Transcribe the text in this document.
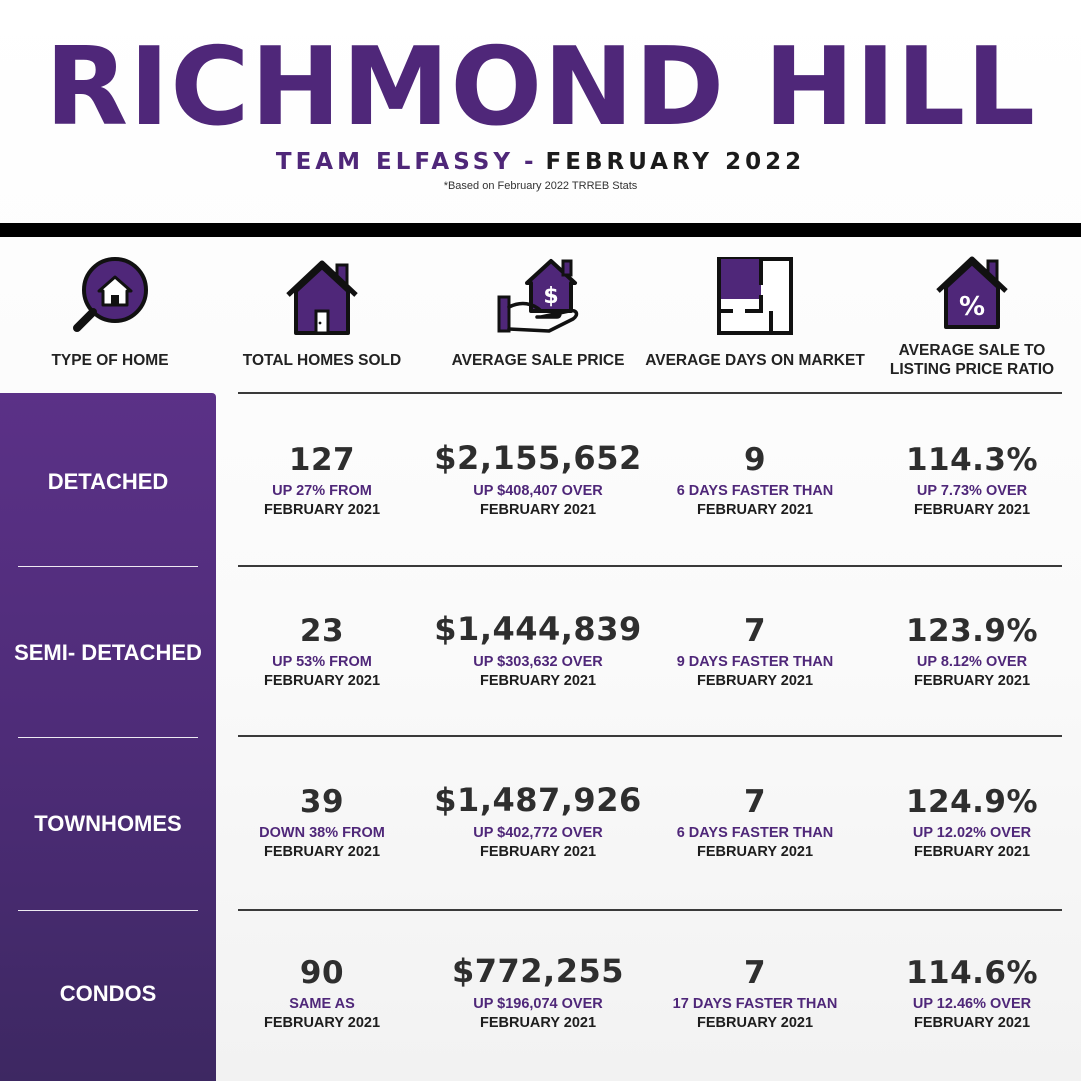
RICHMOND HILL
TEAM ELFASSY - FEBRUARY 2022
*Based on February 2022 TRREB Stats
TYPE OF HOME	TOTAL HOMES SOLD
$
AVERAGE SALE PRICE	AVERAGE DAYS ON MARKET
%
AVERAGE SALE TO
LISTING PRICE RATIO
DETACHED
SEMI- DETACHED
TOWNHOMES
CONDOS
127
UP 27% FROM
FEBRUARY 2021
$2,155,652
UP $408,407 OVER
FEBRUARY 2021
9
6 DAYS FASTER THAN
FEBRUARY 2021
114.3%
UP 7.73% OVER
FEBRUARY 2021
23
UP 53% FROM
FEBRUARY 2021
$1,444,839
UP $303,632 OVER
FEBRUARY 2021
7
9 DAYS FASTER THAN
FEBRUARY 2021
123.9%
UP 8.12% OVER
FEBRUARY 2021
39
DOWN 38% FROM
FEBRUARY 2021
$1,487,926
UP $402,772 OVER
FEBRUARY 2021
7
6 DAYS FASTER THAN
FEBRUARY 2021
124.9%
UP 12.02% OVER
FEBRUARY 2021
90
SAME AS
FEBRUARY 2021
$772,255
UP $196,074 OVER
FEBRUARY 2021
7
17 DAYS FASTER THAN
FEBRUARY 2021
114.6%
UP 12.46% OVER
FEBRUARY 2021
